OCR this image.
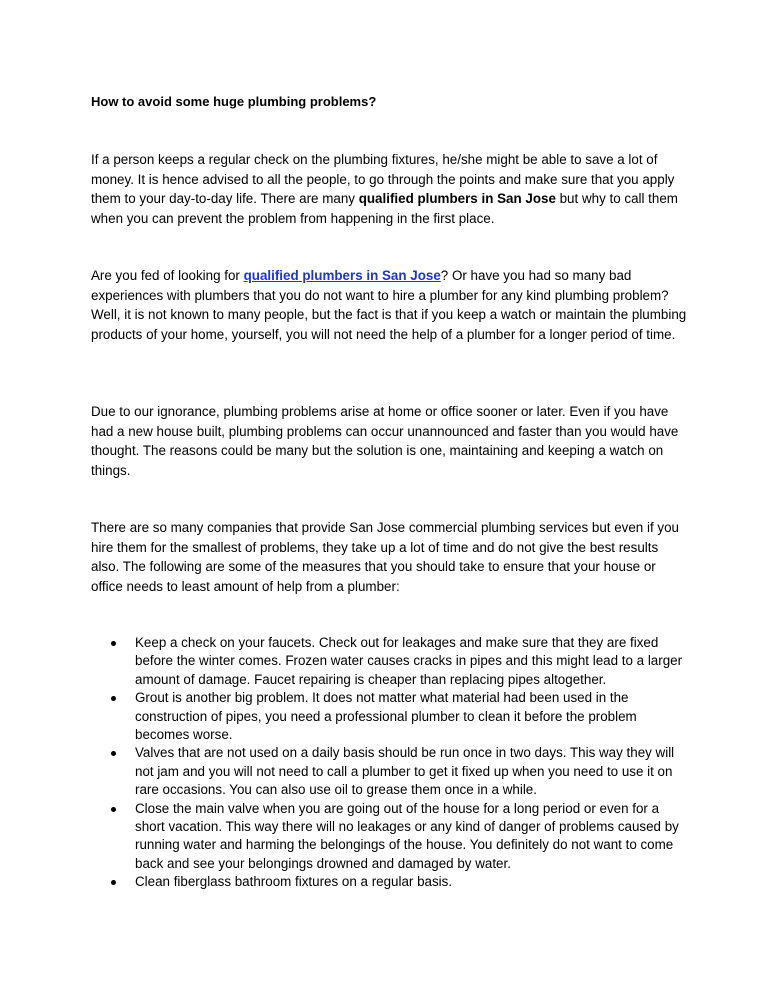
How to avoid some huge plumbing problems?

If a person keeps a regular check on the plumbing fixtures, he/she might be able to save a lot of money. It is hence advised to all the people, to go through the points and make sure that you apply them to your day-to-day life. There are many qualified plumbers in San Jose but why to call them when you can prevent the problem from happening in the first place.

Are you fed of looking for qualified plumbers in San Jose? Or have you had so many bad experiences with plumbers that you do not want to hire a plumber for any kind plumbing problem? Well, it is not known to many people, but the fact is that if you keep a watch or maintain the plumbing products of your home, yourself, you will not need the help of a plumber for a longer period of time.

Due to our ignorance, plumbing problems arise at home or office sooner or later. Even if you have had a new house built, plumbing problems can occur unannounced and faster than you would have thought. The reasons could be many but the solution is one, maintaining and keeping a watch on things.

There are so many companies that provide San Jose commercial plumbing services but even if you hire them for the smallest of problems, they take up a lot of time and do not give the best results also. The following are some of the measures that you should take to ensure that your house or office needs to least amount of help from a plumber:

Keep a check on your faucets. Check out for leakages and make sure that they are fixed before the winter comes. Frozen water causes cracks in pipes and this might lead to a larger amount of damage. Faucet repairing is cheaper than replacing pipes altogether.
Grout is another big problem. It does not matter what material had been used in the construction of pipes, you need a professional plumber to clean it before the problem becomes worse.
Valves that are not used on a daily basis should be run once in two days. This way they will not jam and you will not need to call a plumber to get it fixed up when you need to use it on rare occasions. You can also use oil to grease them once in a while.
Close the main valve when you are going out of the house for a long period or even for a short vacation. This way there will no leakages or any kind of danger of problems caused by running water and harming the belongings of the house. You definitely do not want to come back and see your belongings drowned and damaged by water.
Clean fiberglass bathroom fixtures on a regular basis.
